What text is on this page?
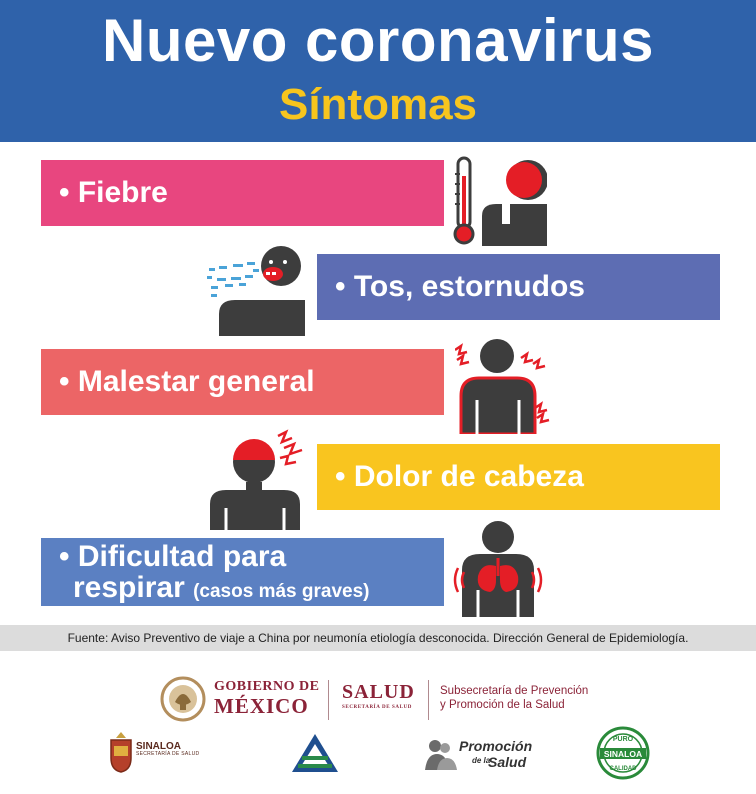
Nuevo coronavirus
Síntomas
• Fiebre
• Tos, estornudos
• Malestar general
• Dolor de cabeza
• Dificultad para
respirar (casos más graves)
Fuente: Aviso Preventivo de viaje a China por neumonía etiología desconocida. Dirección General de Epidemiología.
GOBIERNO DE
MÉXICO
SALUD
SECRETARÍA DE SALUD
Subsecretaría de Prevención
y Promoción de la Salud
SINALOA
SECRETARÍA DE SALUD	Promoción
de la
Salud
PURO
SINALOA
CALIDAD
